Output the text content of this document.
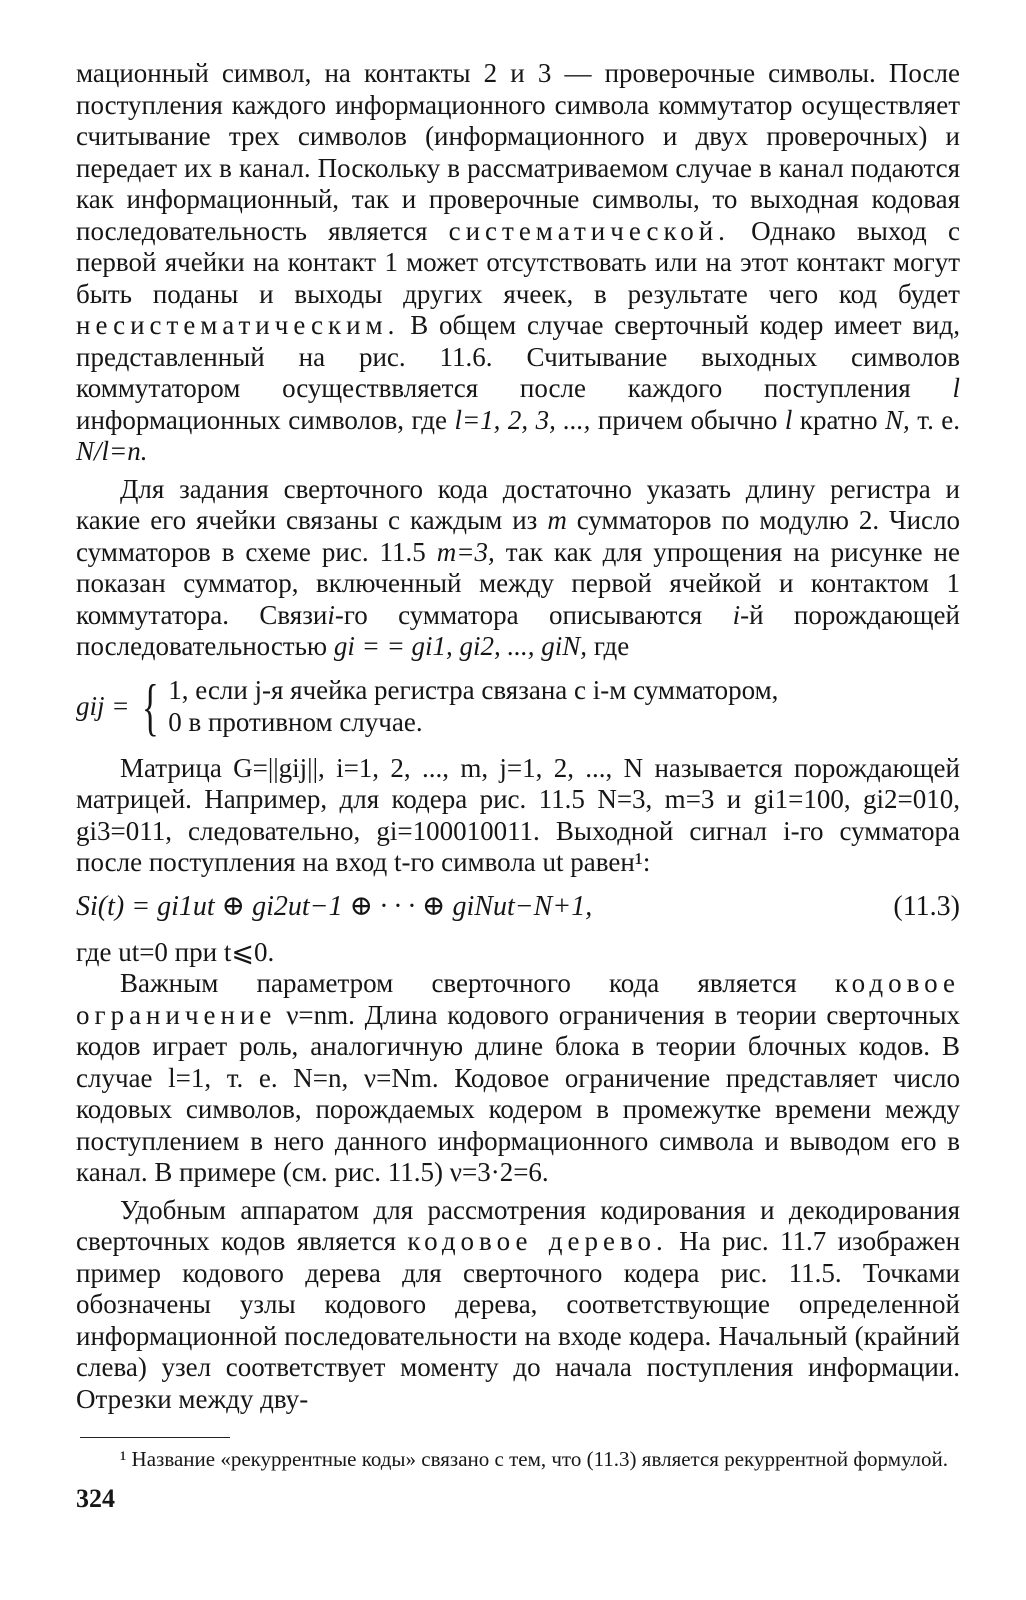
мационный символ, на контакты 2 и 3 — проверочные символы. После поступления каждого информационного символа коммутатор осуществляет считывание трех символов (информационного и двух проверочных) и передает их в канал. Поскольку в рассматриваемом случае в канал подаются как информационный, так и проверочные символы, то выходная кодовая последовательность является систематической. Однако выход с первой ячейки на контакт 1 может отсутствовать или на этот контакт могут быть поданы и выходы других ячеек, в результате чего код будет несистематическим. В общем случае сверточный кодер имеет вид, представленный на рис. 11.6. Считывание выходных символов коммутатором осуществвляется после каждого поступления l информационных символов, где l=1, 2, 3, ..., причем обычно l кратно N, т. е. N/l=n.

Для задания сверточного кода достаточно указать длину регистра и какие его ячейки связаны с каждым из m сумматоров по модулю 2. Число сумматоров в схеме рис. 11.5 m=3, так как для упрощения на рисунке не показан сумматор, включенный между первой ячейкой и контактом 1 коммутатора. Связиi-го сумматора описываются i-й порождающей последовательностью gi = = gi1, gi2, ..., giN, где

gij = { 1, если j-я ячейка регистра связана с i-м сумматором,
0 в противном случае.

Матрица G=||gij||, i=1, 2, ..., m, j=1, 2, ..., N называется порождающей матрицей. Например, для кодера рис. 11.5 N=3, m=3 и gi1=100, gi2=010, gi3=011, следовательно, gi=100010011. Выходной сигнал i-го сумматора после поступления на вход t-го символа ut равен¹:

Si(t) = gi1ut ⊕ gi2ut−1 ⊕ · · · ⊕ giNut−N+1,	(11.3)

где ut=0 при t⩽0.

Важным параметром сверточного кода является кодовое ограничение ν=nm. Длина кодового ограничения в теории сверточных кодов играет роль, аналогичную длине блока в теории блочных кодов. В случае l=1, т. е. N=n, ν=Nm. Кодовое ограничение представляет число кодовых символов, порождаемых кодером в промежутке времени между поступлением в него данного информационного символа и выводом его в канал. В примере (см. рис. 11.5) ν=3·2=6.

Удобным аппаратом для рассмотрения кодирования и декодирования сверточных кодов является кодовое дерево. На рис. 11.7 изображен пример кодового дерева для сверточного кодера рис. 11.5. Точками обозначены узлы кодового дерева, соответствующие определенной информационной последовательности на входе кодера. Начальный (крайний слева) узел соответствует моменту до начала поступления информации. Отрезки между дву-

¹ Название «рекуррентные коды» связано с тем, что (11.3) является рекуррентной формулой.

324
